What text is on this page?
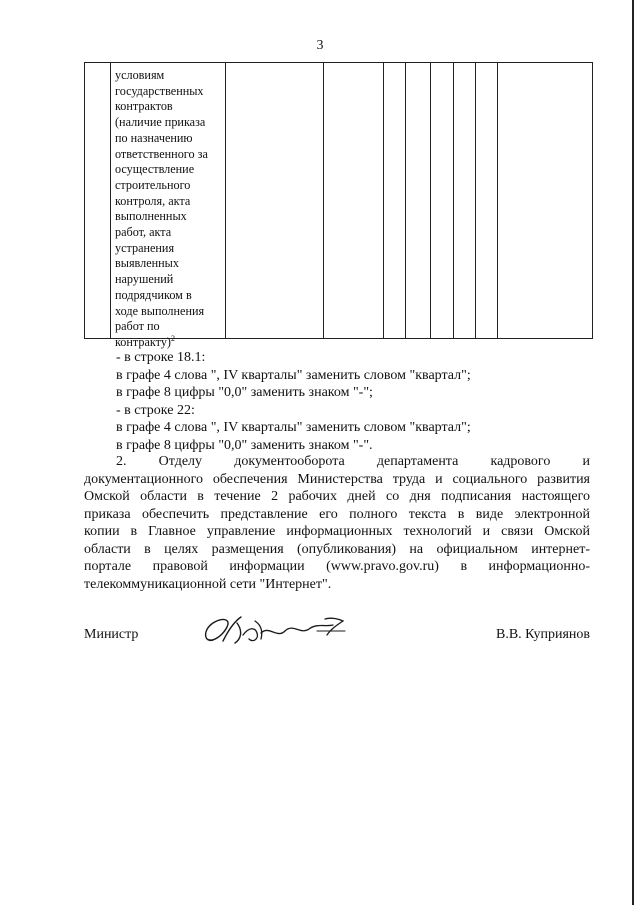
3
условиям
государственных
контрактов
(наличие приказа
по назначению
ответственного за
осуществление
строительного
контроля, акта
выполненных
работ, акта
устранения
выявленных
нарушений
подрядчиком в
ходе выполнения
работ по
контракту)$^2$
- в строке 18.1:
в графе 4 слова ", IV кварталы" заменить словом "квартал";
в графе 8 цифры "0,0" заменить знаком "-";
- в строке 22:
в графе 4 слова ", IV кварталы" заменить словом "квартал";
в графе 8 цифры "0,0" заменить знаком "-".
2. Отделу документооборота департамента кадрового и
документационного обеспечения Министерства труда и социального развития
Омской области в течение 2 рабочих дней со дня подписания настоящего
приказа обеспечить представление его полного текста в виде электронной
копии в Главное управление информационных технологий и связи Омской
области в целях размещения (опубликования) на официальном интернет-
портале правовой информации (www.pravo.gov.ru) в информационно-
телекоммуникационной сети "Интернет".
Министр	В.В. Куприянов
